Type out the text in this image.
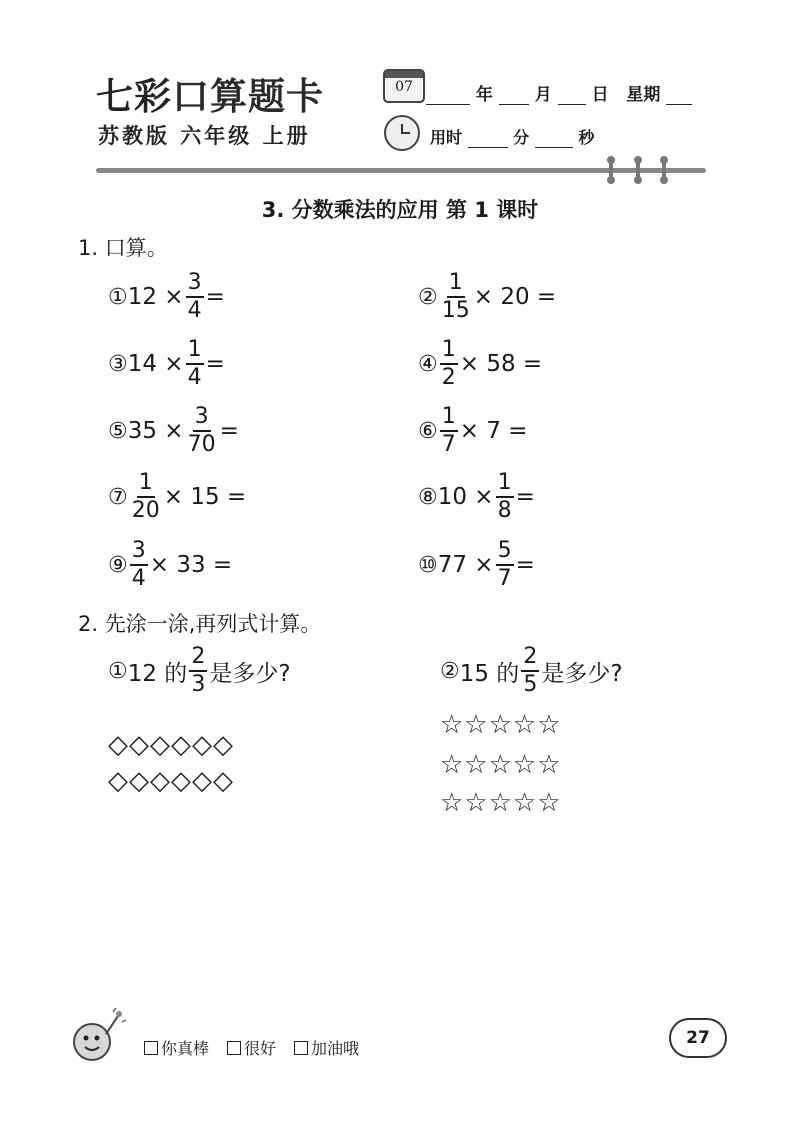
七彩口算题卡
苏教版 六年级 上册
07	年 月 日 星期
用时	分	秒
3. 分数乘法的应用 第 1 课时
1. 口算。
① $12 \times \frac{3}{4}$ =	② $\frac{1}{15} \times 20$ =
③ $14 \times \frac{1}{4}$ =	④ $\frac{1}{2} \times 58$ =
⑤ $35 \times \frac{3}{70}$ =	⑥ $\frac{1}{7} \times 7$ =
⑦ $\frac{1}{20} \times 15$ =	⑧ $10 \times \frac{1}{8}$ =
⑨ $\frac{3}{4} \times 33$ =	⑩ $77 \times \frac{5}{7}$ =
2. 先涂一涂,再列式计算。
① 12 的 $\frac{2}{3}$ 是多少?	② 15 的 $\frac{2}{5}$ 是多少?
◇◇◇◇◇◇
◇◇◇◇◇◇
☆☆☆☆☆
☆☆☆☆☆
☆☆☆☆☆
你真棒	很好	加油哦
27
